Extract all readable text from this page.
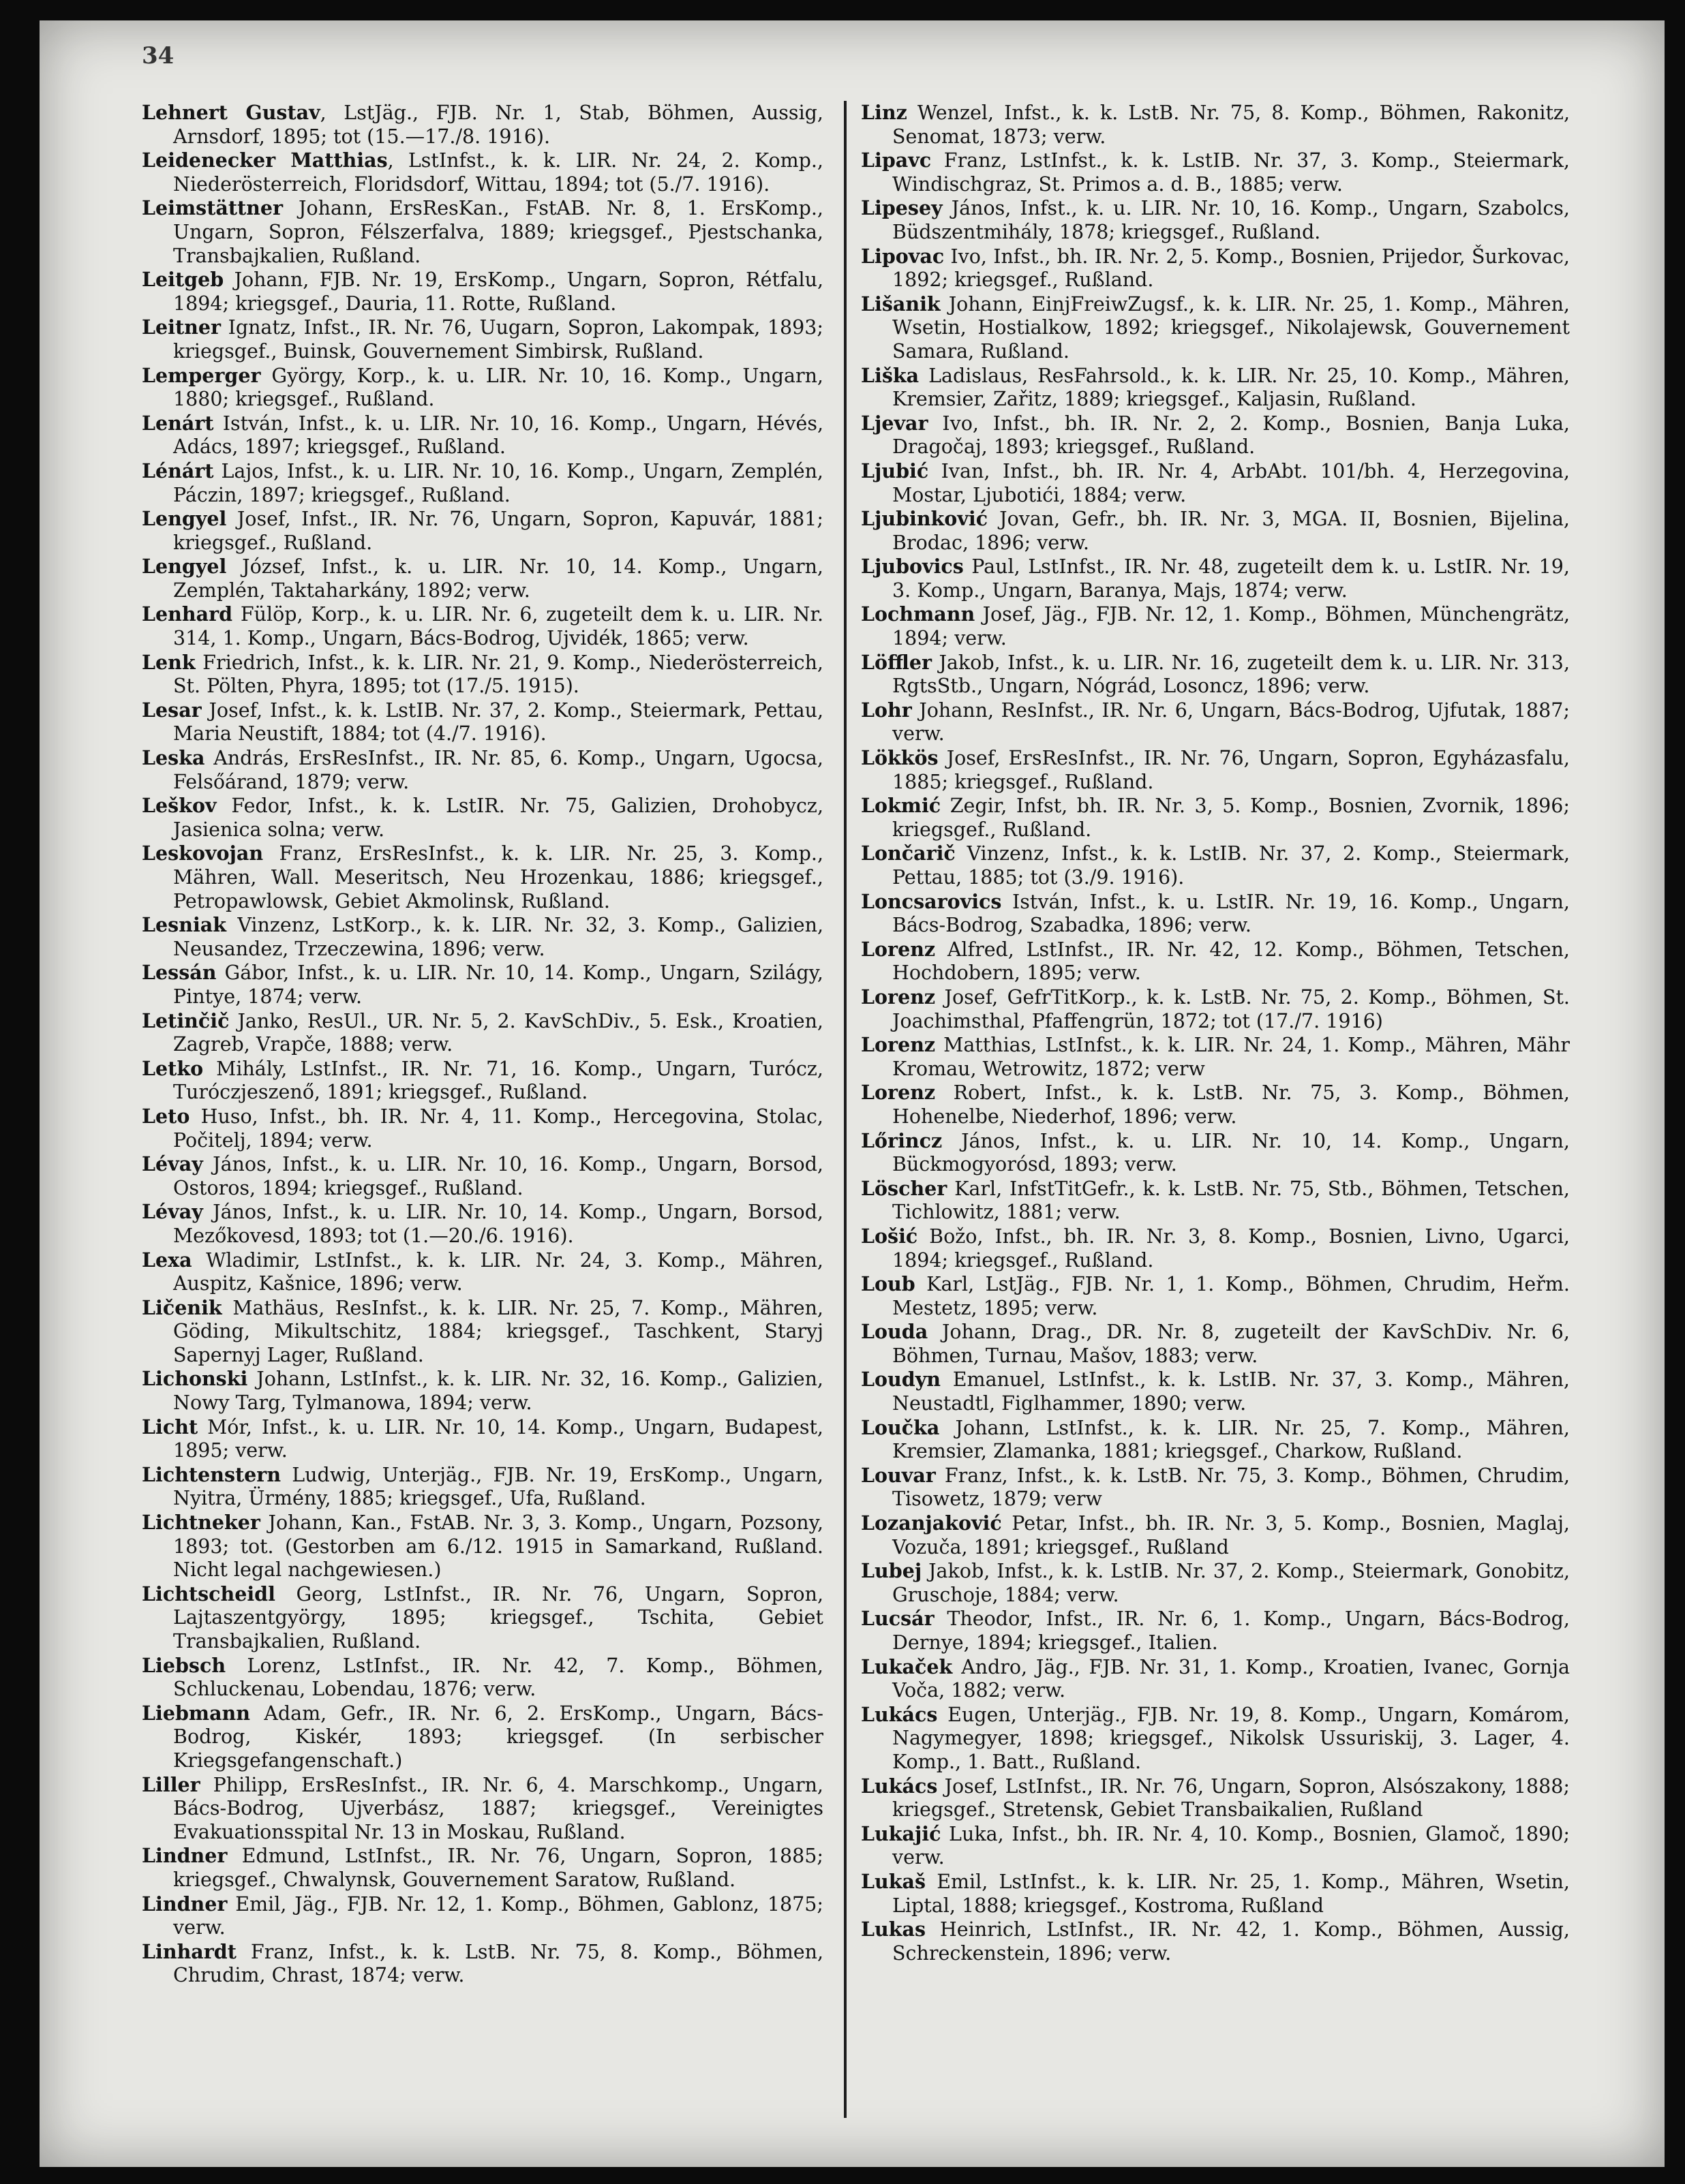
34

Lehnert Gustav, LstJäg., FJB. Nr. 1, Stab, Böhmen, Aussig, Arnsdorf, 1895; tot (15.—17./8. 1916).

Leidenecker Matthias, LstInfst., k. k. LIR. Nr. 24, 2. Komp., Niederösterreich, Floridsdorf, Wittau, 1894; tot (5./7. 1916).

Leimstättner Johann, ErsResKan., FstAB. Nr. 8, 1. ErsKomp., Ungarn, Sopron, Félszerfalva, 1889; kriegsgef., Pjestschanka, Transbajkalien, Rußland.

Leitgeb Johann, FJB. Nr. 19, ErsKomp., Ungarn, Sopron, Rétfalu, 1894; kriegsgef., Dauria, 11. Rotte, Rußland.

Leitner Ignatz, Infst., IR. Nr. 76, Uugarn, Sopron, Lakompak, 1893; kriegsgef., Buinsk, Gouvernement Simbirsk, Rußland.

Lemperger György, Korp., k. u. LIR. Nr. 10, 16. Komp., Ungarn, 1880; kriegsgef., Rußland.

Lenárt István, Infst., k. u. LIR. Nr. 10, 16. Komp., Ungarn, Hévés, Adács, 1897; kriegsgef., Rußland.

Lénárt Lajos, Infst., k. u. LIR. Nr. 10, 16. Komp., Ungarn, Zemplén, Páczin, 1897; kriegsgef., Rußland.

Lengyel Josef, Infst., IR. Nr. 76, Ungarn, Sopron, Kapuvár, 1881; kriegsgef., Rußland.

Lengyel József, Infst., k. u. LIR. Nr. 10, 14. Komp., Ungarn, Zemplén, Taktaharkány, 1892; verw.

Lenhard Fülöp, Korp., k. u. LIR. Nr. 6, zugeteilt dem k. u. LIR. Nr. 314, 1. Komp., Ungarn, Bács-Bodrog, Ujvidék, 1865; verw.

Lenk Friedrich, Infst., k. k. LIR. Nr. 21, 9. Komp., Niederösterreich, St. Pölten, Phyra, 1895; tot (17./5. 1915).

Lesar Josef, Infst., k. k. LstIB. Nr. 37, 2. Komp., Steiermark, Pettau, Maria Neustift, 1884; tot (4./7. 1916).

Leska András, ErsResInfst., IR. Nr. 85, 6. Komp., Ungarn, Ugocsa, Felsőárand, 1879; verw.

Leškov Fedor, Infst., k. k. LstIR. Nr. 75, Galizien, Drohobycz, Jasienica solna; verw.

Leskovojan Franz, ErsResInfst., k. k. LIR. Nr. 25, 3. Komp., Mähren, Wall. Meseritsch, Neu Hrozenkau, 1886; kriegsgef., Petropawlowsk, Gebiet Akmolinsk, Rußland.

Lesniak Vinzenz, LstKorp., k. k. LIR. Nr. 32, 3. Komp., Galizien, Neusandez, Trzeczewina, 1896; verw.

Lessán Gábor, Infst., k. u. LIR. Nr. 10, 14. Komp., Ungarn, Szilágy, Pintye, 1874; verw.

Letinčič Janko, ResUl., UR. Nr. 5, 2. KavSchDiv., 5. Esk., Kroatien, Zagreb, Vrapče, 1888; verw.

Letko Mihály, LstInfst., IR. Nr. 71, 16. Komp., Ungarn, Turócz, Turóczjeszenő, 1891; kriegsgef., Rußland.

Leto Huso, Infst., bh. IR. Nr. 4, 11. Komp., Hercegovina, Stolac, Počitelj, 1894; verw.

Lévay János, Infst., k. u. LIR. Nr. 10, 16. Komp., Ungarn, Borsod, Ostoros, 1894; kriegsgef., Rußland.

Lévay János, Infst., k. u. LIR. Nr. 10, 14. Komp., Ungarn, Borsod, Mezőkovesd, 1893; tot (1.—20./6. 1916).

Lexa Wladimir, LstInfst., k. k. LIR. Nr. 24, 3. Komp., Mähren, Auspitz, Kašnice, 1896; verw.

Ličenik Mathäus, ResInfst., k. k. LIR. Nr. 25, 7. Komp., Mähren, Göding, Mikultschitz, 1884; kriegsgef., Taschkent, Staryj Sapernyj Lager, Rußland.

Lichonski Johann, LstInfst., k. k. LIR. Nr. 32, 16. Komp., Galizien, Nowy Targ, Tylmanowa, 1894; verw.

Licht Mór, Infst., k. u. LIR. Nr. 10, 14. Komp., Ungarn, Budapest, 1895; verw.

Lichtenstern Ludwig, Unterjäg., FJB. Nr. 19, ErsKomp., Ungarn, Nyitra, Ürmény, 1885; kriegsgef., Ufa, Rußland.

Lichtneker Johann, Kan., FstAB. Nr. 3, 3. Komp., Ungarn, Pozsony, 1893; tot. (Gestorben am 6./12. 1915 in Samarkand, Rußland. Nicht legal nachgewiesen.)

Lichtscheidl Georg, LstInfst., IR. Nr. 76, Ungarn, Sopron, Lajtaszentgyörgy, 1895; kriegsgef., Tschita, Gebiet Transbajkalien, Rußland.

Liebsch Lorenz, LstInfst., IR. Nr. 42, 7. Komp., Böhmen, Schluckenau, Lobendau, 1876; verw.

Liebmann Adam, Gefr., IR. Nr. 6, 2. ErsKomp., Ungarn, Bács-Bodrog, Kiskér, 1893; kriegsgef. (In serbischer Kriegsgefangenschaft.)

Liller Philipp, ErsResInfst., IR. Nr. 6, 4. Marschkomp., Ungarn, Bács-Bodrog, Ujverbász, 1887; kriegsgef., Vereinigtes Evakuationsspital Nr. 13 in Moskau, Rußland.

Lindner Edmund, LstInfst., IR. Nr. 76, Ungarn, Sopron, 1885; kriegsgef., Chwalynsk, Gouvernement Saratow, Rußland.

Lindner Emil, Jäg., FJB. Nr. 12, 1. Komp., Böhmen, Gablonz, 1875; verw.

Linhardt Franz, Infst., k. k. LstB. Nr. 75, 8. Komp., Böhmen, Chrudim, Chrast, 1874; verw.

Linz Wenzel, Infst., k. k. LstB. Nr. 75, 8. Komp., Böhmen, Rakonitz, Senomat, 1873; verw.

Lipavc Franz, LstInfst., k. k. LstIB. Nr. 37, 3. Komp., Steiermark, Windischgraz, St. Primos a. d. B., 1885; verw.

Lipesey János, Infst., k. u. LIR. Nr. 10, 16. Komp., Ungarn, Szabolcs, Büdszentmihály, 1878; kriegsgef., Rußland.

Lipovac Ivo, Infst., bh. IR. Nr. 2, 5. Komp., Bosnien, Prijedor, Šurkovac, 1892; kriegsgef., Rußland.

Lišanik Johann, EinjFreiwZugsf., k. k. LIR. Nr. 25, 1. Komp., Mähren, Wsetin, Hostialkow, 1892; kriegsgef., Nikolajewsk, Gouvernement Samara, Rußland.

Liška Ladislaus, ResFahrsold., k. k. LIR. Nr. 25, 10. Komp., Mähren, Kremsier, Zařitz, 1889; kriegsgef., Kaljasin, Rußland.

Ljevar Ivo, Infst., bh. IR. Nr. 2, 2. Komp., Bosnien, Banja Luka, Dragočaj, 1893; kriegsgef., Rußland.

Ljubić Ivan, Infst., bh. IR. Nr. 4, ArbAbt. 101/bh. 4, Herzegovina, Mostar, Ljubotići, 1884; verw.

Ljubinković Jovan, Gefr., bh. IR. Nr. 3, MGA. II, Bosnien, Bijelina, Brodac, 1896; verw.

Ljubovics Paul, LstInfst., IR. Nr. 48, zugeteilt dem k. u. LstIR. Nr. 19, 3. Komp., Ungarn, Baranya, Majs, 1874; verw.

Lochmann Josef, Jäg., FJB. Nr. 12, 1. Komp., Böhmen, Münchengrätz, 1894; verw.

Löffler Jakob, Infst., k. u. LIR. Nr. 16, zugeteilt dem k. u. LIR. Nr. 313, RgtsStb., Ungarn, Nógrád, Losoncz, 1896; verw.

Lohr Johann, ResInfst., IR. Nr. 6, Ungarn, Bács-Bodrog, Ujfutak, 1887; verw.

Lökkös Josef, ErsResInfst., IR. Nr. 76, Ungarn, Sopron, Egyházasfalu, 1885; kriegsgef., Rußland.

Lokmić Zegir, Infst, bh. IR. Nr. 3, 5. Komp., Bosnien, Zvornik, 1896; kriegsgef., Rußland.

Lončarič Vinzenz, Infst., k. k. LstIB. Nr. 37, 2. Komp., Steiermark, Pettau, 1885; tot (3./9. 1916).

Loncsarovics István, Infst., k. u. LstIR. Nr. 19, 16. Komp., Ungarn, Bács-Bodrog, Szabadka, 1896; verw.

Lorenz Alfred, LstInfst., IR. Nr. 42, 12. Komp., Böhmen, Tetschen, Hochdobern, 1895; verw.

Lorenz Josef, GefrTitKorp., k. k. LstB. Nr. 75, 2. Komp., Böhmen, St. Joachimsthal, Pfaffengrün, 1872; tot (17./7. 1916)

Lorenz Matthias, LstInfst., k. k. LIR. Nr. 24, 1. Komp., Mähren, Mähr Kromau, Wetrowitz, 1872; verw

Lorenz Robert, Infst., k. k. LstB. Nr. 75, 3. Komp., Böhmen, Hohenelbe, Niederhof, 1896; verw.

Lőrincz János, Infst., k. u. LIR. Nr. 10, 14. Komp., Ungarn, Bückmogyorósd, 1893; verw.

Löscher Karl, InfstTitGefr., k. k. LstB. Nr. 75, Stb., Böhmen, Tetschen, Tichlowitz, 1881; verw.

Lošić Božo, Infst., bh. IR. Nr. 3, 8. Komp., Bosnien, Livno, Ugarci, 1894; kriegsgef., Rußland.

Loub Karl, LstJäg., FJB. Nr. 1, 1. Komp., Böhmen, Chrudim, Heřm. Mestetz, 1895; verw.

Louda Johann, Drag., DR. Nr. 8, zugeteilt der KavSchDiv. Nr. 6, Böhmen, Turnau, Mašov, 1883; verw.

Loudyn Emanuel, LstInfst., k. k. LstIB. Nr. 37, 3. Komp., Mähren, Neustadtl, Figlhammer, 1890; verw.

Loučka Johann, LstInfst., k. k. LIR. Nr. 25, 7. Komp., Mähren, Kremsier, Zlamanka, 1881; kriegsgef., Charkow, Rußland.

Louvar Franz, Infst., k. k. LstB. Nr. 75, 3. Komp., Böhmen, Chrudim, Tisowetz, 1879; verw

Lozanjaković Petar, Infst., bh. IR. Nr. 3, 5. Komp., Bosnien, Maglaj, Vozuča, 1891; kriegsgef., Rußland

Lubej Jakob, Infst., k. k. LstIB. Nr. 37, 2. Komp., Steiermark, Gonobitz, Gruschoje, 1884; verw.

Lucsár Theodor, Infst., IR. Nr. 6, 1. Komp., Ungarn, Bács-Bodrog, Dernye, 1894; kriegsgef., Italien.

Lukaček Andro, Jäg., FJB. Nr. 31, 1. Komp., Kroatien, Ivanec, Gornja Voča, 1882; verw.

Lukács Eugen, Unterjäg., FJB. Nr. 19, 8. Komp., Ungarn, Komárom, Nagymegyer, 1898; kriegsgef., Nikolsk Ussuriskij, 3. Lager, 4. Komp., 1. Batt., Rußland.

Lukács Josef, LstInfst., IR. Nr. 76, Ungarn, Sopron, Alsószakony, 1888; kriegsgef., Stretensk, Gebiet Transbaikalien, Rußland

Lukajić Luka, Infst., bh. IR. Nr. 4, 10. Komp., Bosnien, Glamoč, 1890; verw.

Lukaš Emil, LstInfst., k. k. LIR. Nr. 25, 1. Komp., Mähren, Wsetin, Liptal, 1888; kriegsgef., Kostroma, Rußland

Lukas Heinrich, LstInfst., IR. Nr. 42, 1. Komp., Böhmen, Aussig, Schreckenstein, 1896; verw.
